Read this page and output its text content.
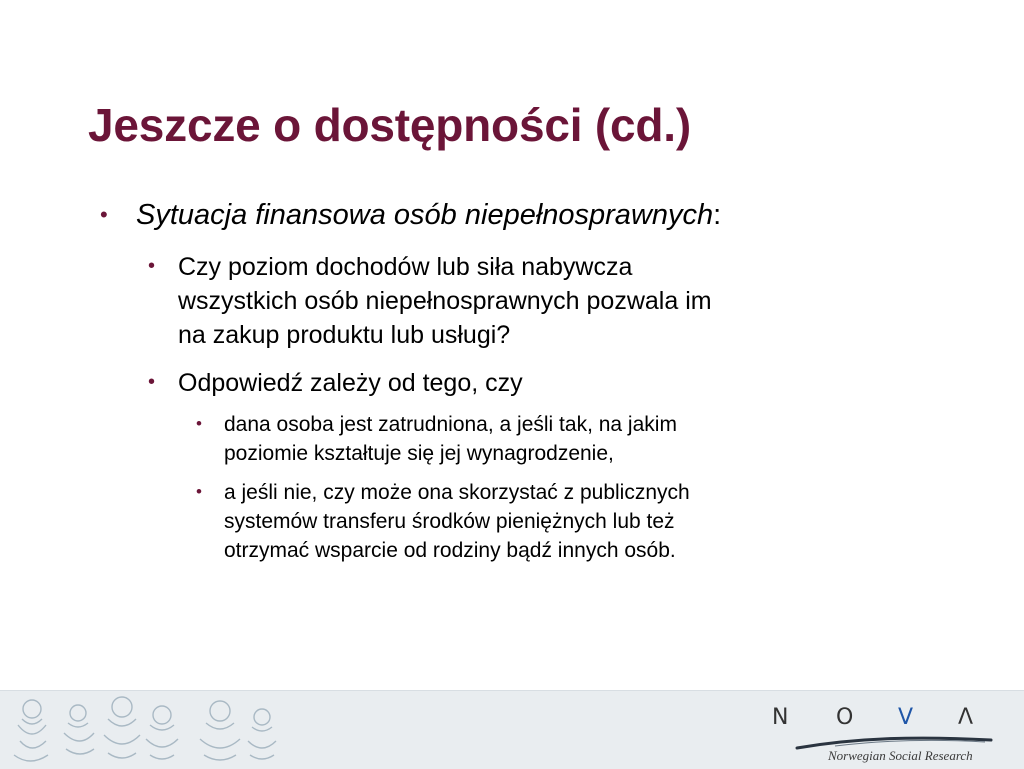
Jeszcze o dostępności (cd.)
• Sytuacja finansowa osób niepełnosprawnych:
• Czy poziom dochodów lub siła nabywcza
wszystkich osób niepełnosprawnych pozwala im
na zakup produktu lub usługi?
• Odpowiedź zależy od tego, czy
• dana osoba jest zatrudniona, a jeśli tak, na jakim
poziomie kształtuje się jej wynagrodzenie,
• a jeśli nie, czy może ona skorzystać z publicznych
systemów transferu środków pieniężnych lub też
otrzymać wsparcie od rodziny bądź innych osób.
N O V Λ
Norwegian Social Research
